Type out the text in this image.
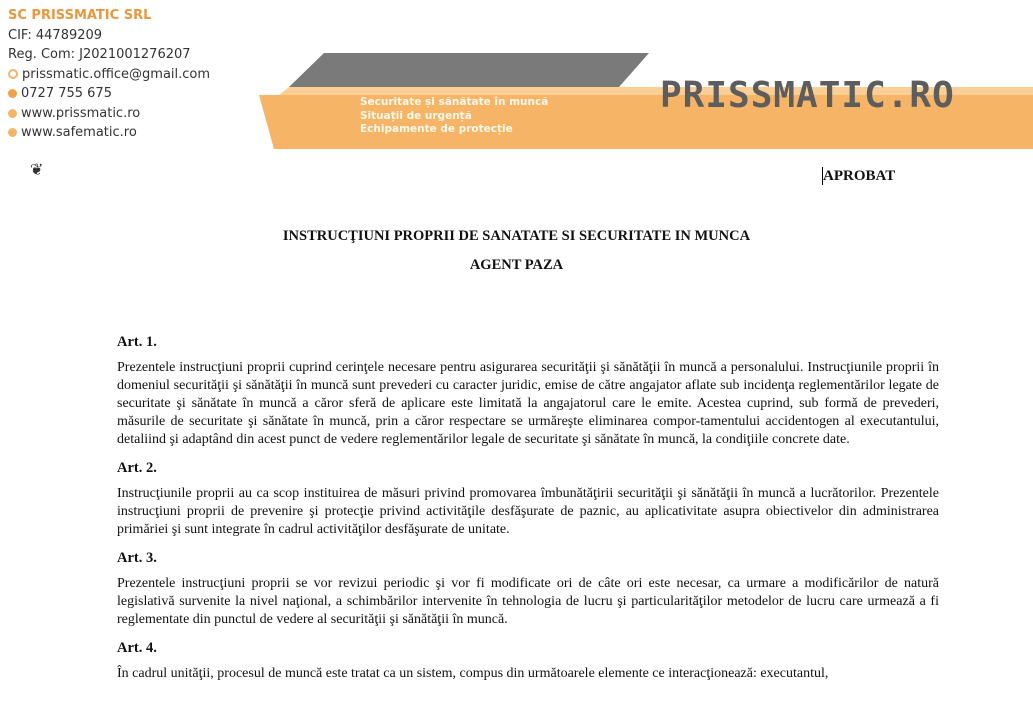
SC PRISSMATIC SRL
CIF: 44789209
Reg. Com: J2021001276207
prissmatic.office@gmail.com
0727 755 675
www.prissmatic.ro
www.safematic.ro
❦
Securitate și sănătate în muncă
Situații de urgență
Echipamente de protecție
PRISSMATIC.RO
APROBAT
INSTRUCŢIUNI PROPRII DE SANATATE SI SECURITATE IN MUNCA
AGENT PAZA
Art. 1.

Prezentele instrucţiuni proprii cuprind cerinţele necesare pentru asigurarea securităţii şi sănătăţii în muncă a personalului. Instrucţiunile proprii în domeniul securităţii şi sănătăţii în muncă sunt prevederi cu caracter juridic, emise de către angajator aflate sub incidenţa reglementărilor legate de securitate şi sănătate în muncă a căror sferă de aplicare este limitată la angajatorul care le emite. Acestea cuprind, sub formă de prevederi, măsurile de securitate şi sănătate în muncă, prin a căror respectare se urmăreşte eliminarea compor-tamentului accidentogen al executantului, detaliind şi adaptând din acest punct de vedere reglementărilor legale de securitate şi sănătate în muncă, la condiţiile concrete date.

Art. 2.

Instrucţiunile proprii au ca scop instituirea de măsuri privind promovarea îmbunătăţirii securităţii şi sănătăţii în muncă a lucrătorilor. Prezentele instrucţiuni proprii de prevenire şi protecţie privind activităţile desfăşurate de paznic, au aplicativitate asupra obiectivelor din administrarea primăriei şi sunt integrate în cadrul activităţilor desfăşurate de unitate.

Art. 3.

Prezentele instrucţiuni proprii se vor revizui periodic şi vor fi modificate ori de câte ori este necesar, ca urmare a modificărilor de natură legislativă survenite la nivel naţional, a schimbărilor intervenite în tehnologia de lucru şi particularităţilor metodelor de lucru care urmează a fi reglementate din punctul de vedere al securităţii şi sănătăţii în muncă.

Art. 4.

În cadrul unităţii, procesul de muncă este tratat ca un sistem, compus din următoarele elemente ce interacţionează: executantul,
